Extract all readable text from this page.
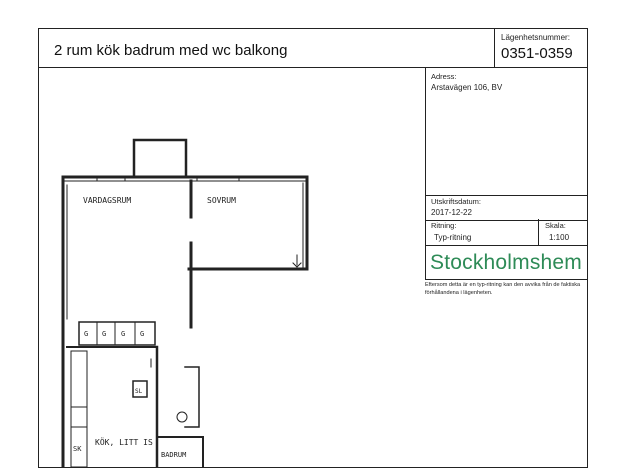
2 rum kök badrum med wc balkong
Lägenhetsnummer:
0351-0359
VARDAGSRUM	SOVRUM
G G G G
SL
KÖK, LITT IS
SK
BADRUM
Adress:
Arstavägen 106, BV
Utskriftsdatum:
2017-12-22
Ritning:
Typ-ritning
Skala:
1:100
Stockholmshem
Eftersom detta är en typ-ritning kan den avvika från de faktiska förhållandena i lägenheten.
